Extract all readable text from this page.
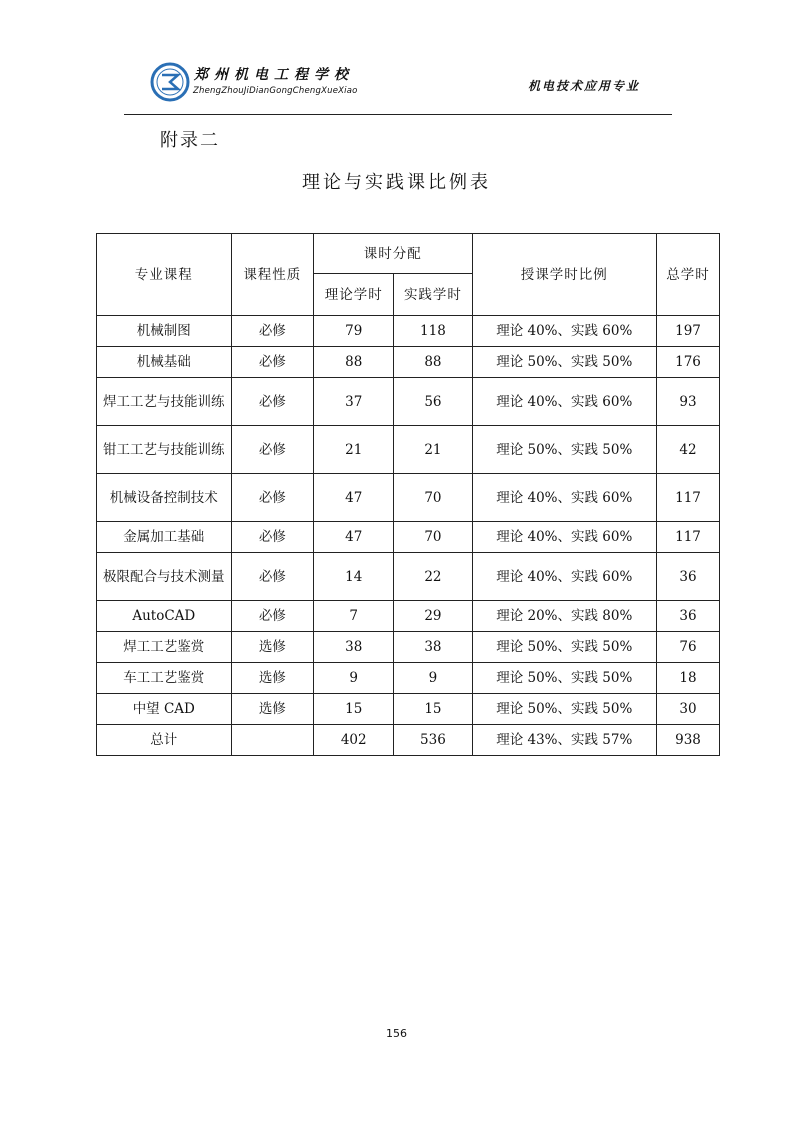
郑州机电工程学校
ZhengZhouJiDianGongChengXueXiao	机电技术应用专业
附录二
理论与实践课比例表
专业课程	课程性质	课时分配		授课学时比例	总学时
		理论学时	实践学时		
机械制图	必修	79	118	理论 40%、实践 60%	197
机械基础	必修	88	88	理论 50%、实践 50%	176
焊工工艺与技能训练	必修	37	56	理论 40%、实践 60%	93
钳工工艺与技能训练	必修	21	21	理论 50%、实践 50%	42
机械设备控制技术	必修	47	70	理论 40%、实践 60%	117
金属加工基础	必修	47	70	理论 40%、实践 60%	117
极限配合与技术测量	必修	14	22	理论 40%、实践 60%	36
AutoCAD	必修	7	29	理论 20%、实践 80%	36
焊工工艺鉴赏	选修	38	38	理论 50%、实践 50%	76
车工工艺鉴赏	选修	9	9	理论 50%、实践 50%	18
中望 CAD	选修	15	15	理论 50%、实践 50%	30
总计		402	536	理论 43%、实践 57%	938
156
